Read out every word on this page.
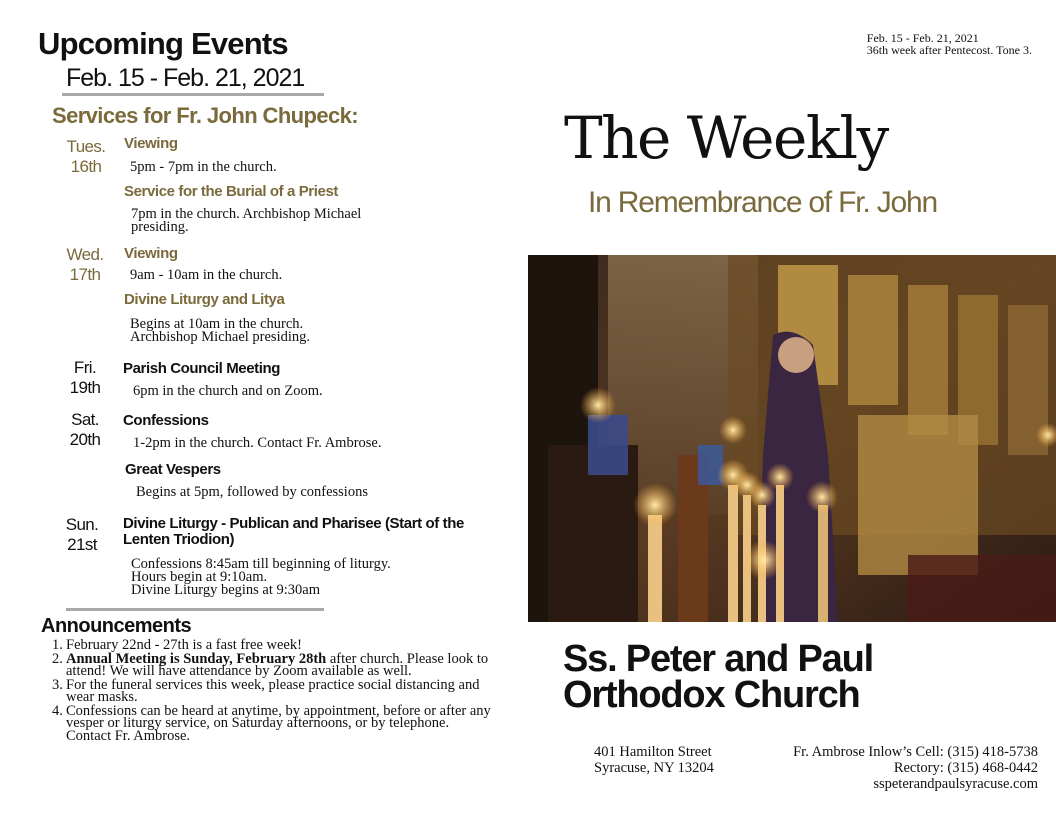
Upcoming Events
Feb. 15 - Feb. 21, 2021
Services for Fr. John Chupeck:
Tues.
16th
Viewing
5pm - 7pm in the church.
Service for the Burial of a Priest
7pm in the church. Archbishop Michael presiding.
Wed.
17th
Viewing
9am - 10am in the church.
Divine Liturgy and Litya
Begins at 10am in the church. Archbishop Michael presiding.
Fri.
19th
Parish Council Meeting
6pm in the church and on Zoom.
Sat.
20th
Confessions
1-2pm in the church. Contact Fr. Ambrose.
Great Vespers
Begins at 5pm, followed by confessions
Sun.
21st
Divine Liturgy - Publican and Pharisee (Start of the Lenten Triodion)
Confessions 8:45am till beginning of liturgy.
Hours begin at 9:10am.
Divine Liturgy begins at 9:30am
Announcements
1. February 22nd - 27th is a fast free week!
2. Annual Meeting is Sunday, February 28th after church. Please look to attend! We will have attendance by Zoom available as well.
3. For the funeral services this week, please practice social distancing and wear masks.
4. Confessions can be heard at anytime, by appointment, before or after any vesper or liturgy service, on Saturday afternoons, or by telephone. Contact Fr. Ambrose.
Feb. 15 - Feb. 21, 2021
36th week after Pentecost. Tone 3.
The Weekly
In Remembrance of Fr. John
Ss. Peter and Paul
Orthodox Church
401 Hamilton Street
Syracuse, NY 13204
Fr. Ambrose Inlow’s Cell: (315) 418-5738
Rectory: (315) 468-0442
sspeterandpaulsyracuse.com
